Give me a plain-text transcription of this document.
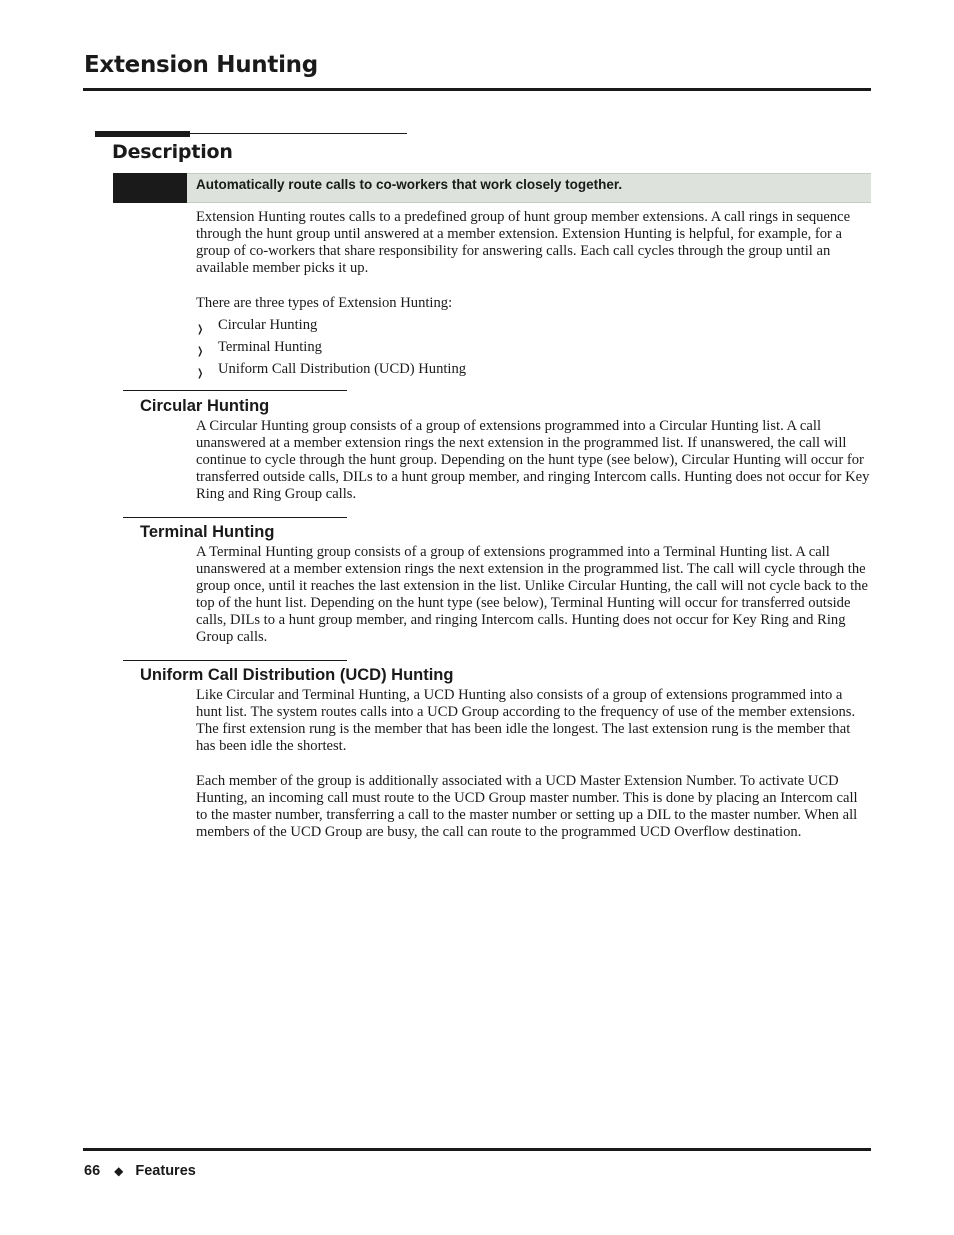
Extension Hunting
Description
Automatically route calls to co-workers that work closely together.
Extension Hunting routes calls to a predefined group of hunt group member extensions. A call rings in sequence through the hunt group until answered at a member extension. Extension Hunting is helpful, for example, for a group of co-workers that share responsibility for answering calls. Each call cycles through the group until an available member picks it up.
There are three types of Extension Hunting:
❯ Circular Hunting
❯ Terminal Hunting
❯ Uniform Call Distribution (UCD) Hunting
Circular Hunting
A Circular Hunting group consists of a group of extensions programmed into a Circular Hunting list. A call unanswered at a member extension rings the next extension in the programmed list. If unanswered, the call will continue to cycle through the hunt group. Depending on the hunt type (see below), Circular Hunting will occur for transferred outside calls, DILs to a hunt group member, and ringing Intercom calls. Hunting does not occur for Key Ring and Ring Group calls.
Terminal Hunting
A Terminal Hunting group consists of a group of extensions programmed into a Terminal Hunting list. A call unanswered at a member extension rings the next extension in the programmed list. The call will cycle through the group once, until it reaches the last extension in the list. Unlike Circular Hunting, the call will not cycle back to the top of the hunt list. Depending on the hunt type (see below), Terminal Hunting will occur for transferred outside calls, DILs to a hunt group member, and ringing Intercom calls. Hunting does not occur for Key Ring and Ring Group calls.
Uniform Call Distribution (UCD) Hunting
Like Circular and Terminal Hunting, a UCD Hunting also consists of a group of extensions programmed into a hunt list. The system routes calls into a UCD Group according to the frequency of use of the member extensions. The first extension rung is the member that has been idle the longest. The last extension rung is the member that has been idle the shortest.
Each member of the group is additionally associated with a UCD Master Extension Number. To activate UCD Hunting, an incoming call must route to the UCD Group master number. This is done by placing an Intercom call to the master number, transferring a call to the master number or setting up a DIL to the master number. When all members of the UCD Group are busy, the call can route to the programmed UCD Overflow destination.
66 ◆ Features
